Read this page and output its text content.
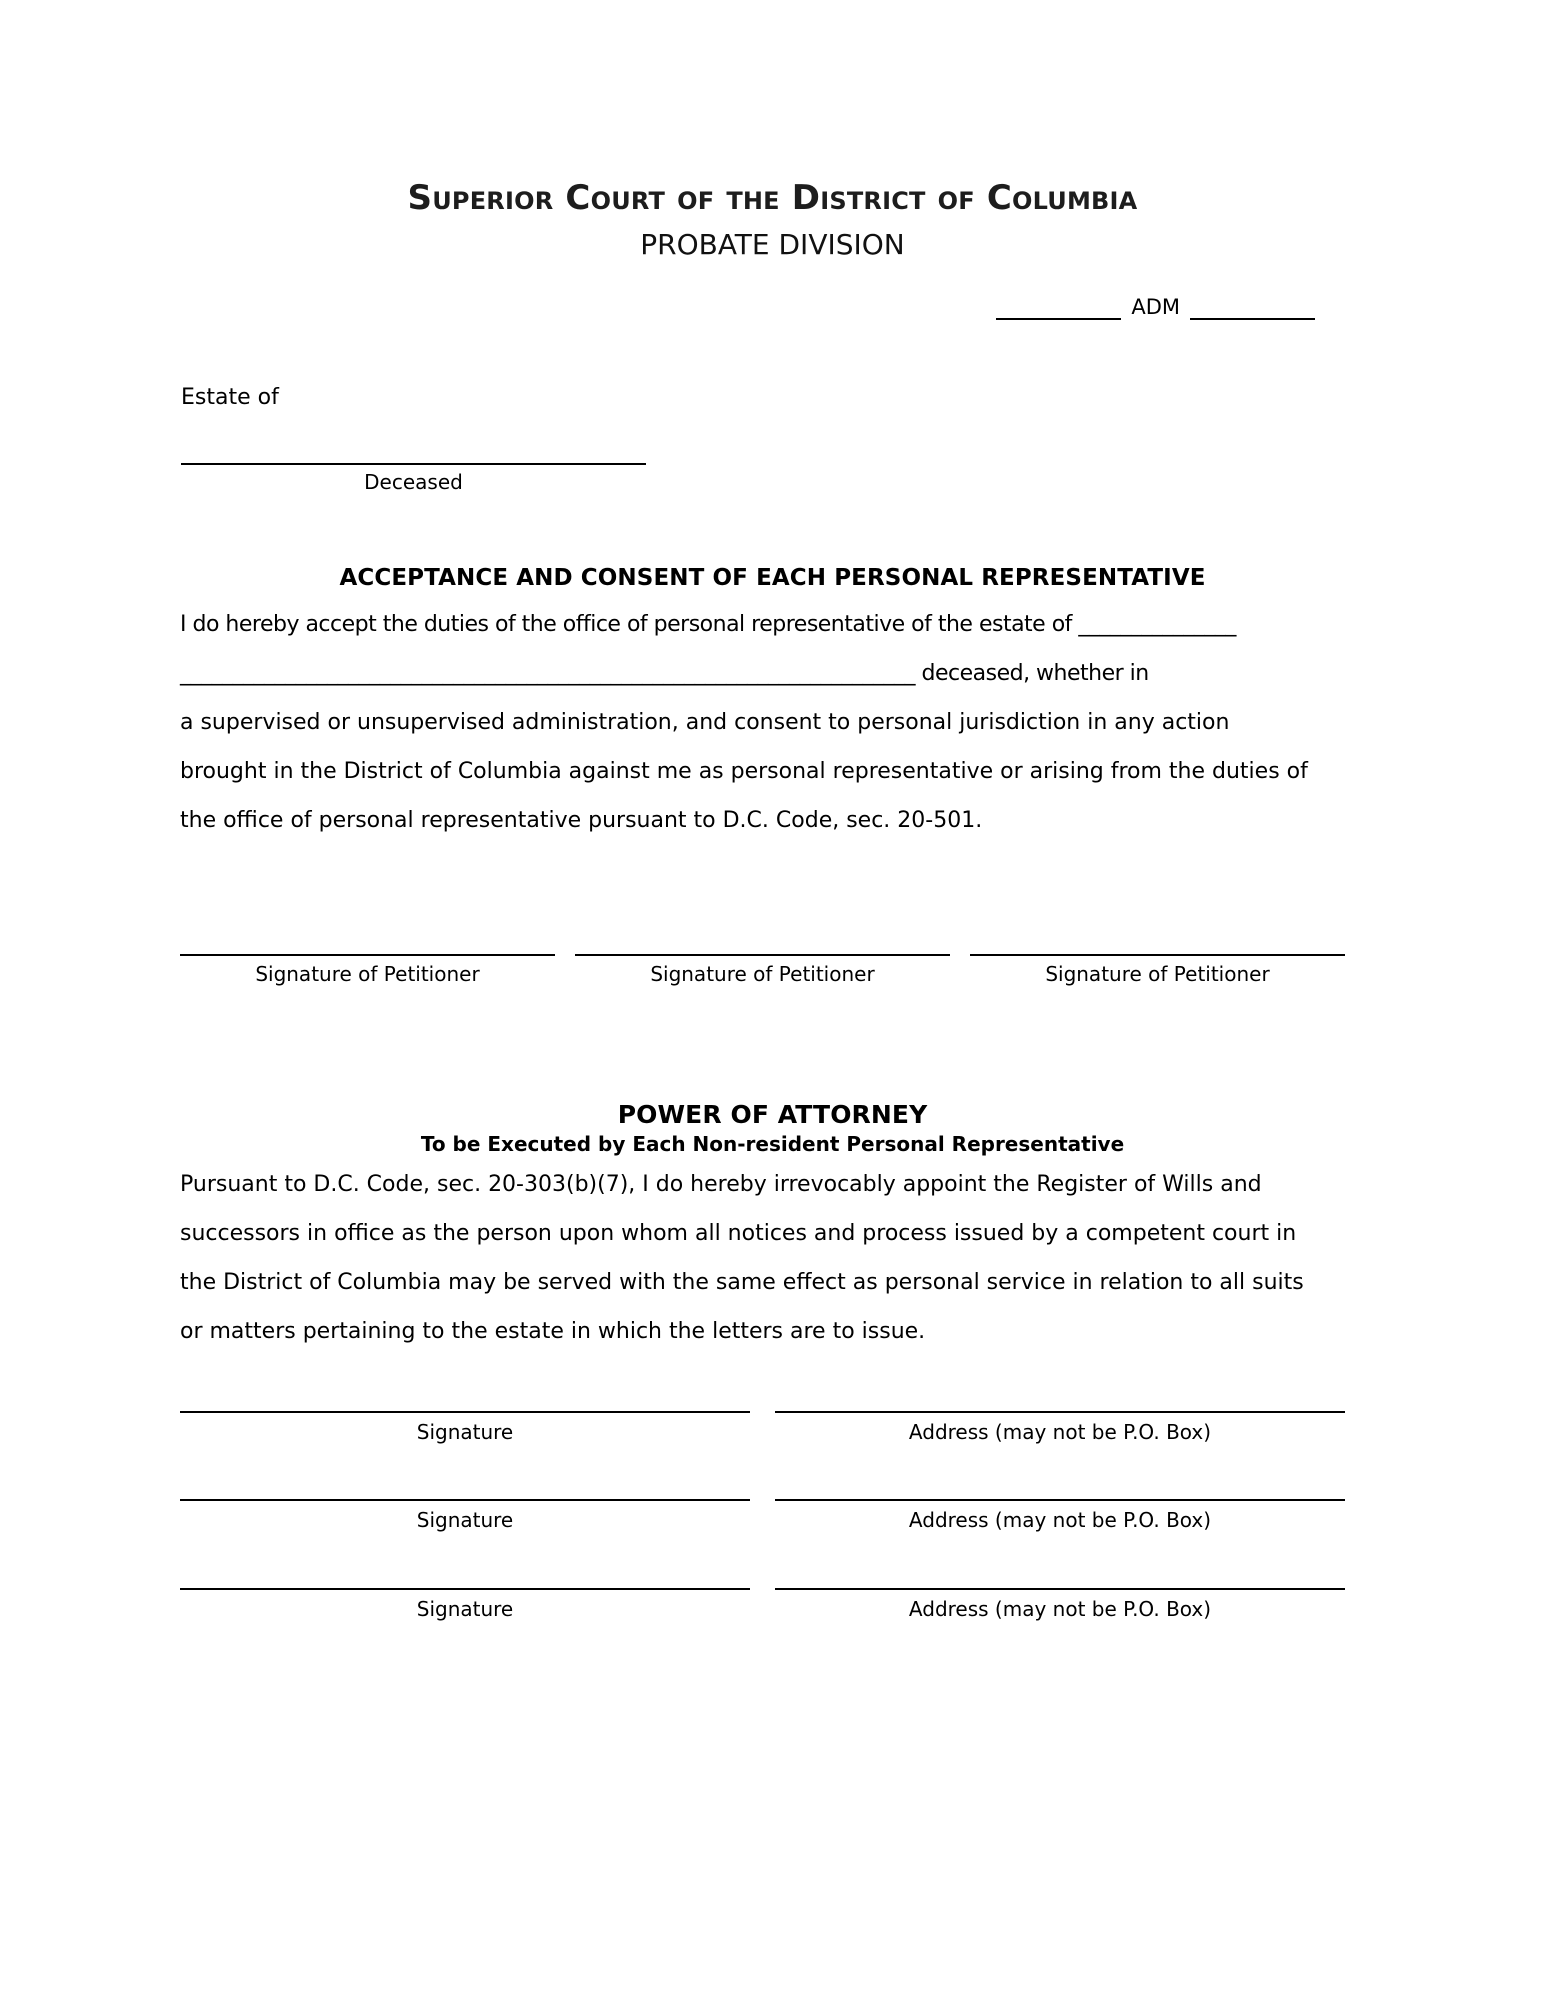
Superior Court of the District of Columbia
PROBATE DIVISION
ADM
Estate of
Deceased
ACCEPTANCE AND CONSENT OF EACH PERSONAL REPRESENTATIVE

I do hereby accept the duties of the office of personal representative of the estate of _______________

______________________________________________________________________ deceased, whether in

a supervised or unsupervised administration, and consent to personal jurisdiction in any action

brought in the District of Columbia against me as personal representative or arising from the duties of

the office of personal representative pursuant to D.C. Code, sec. 20-501.

Signature of Petitioner	Signature of Petitioner	Signature of Petitioner
POWER OF ATTORNEY
To be Executed by Each Non-resident Personal Representative

Pursuant to D.C. Code, sec. 20-303(b)(7), I do hereby irrevocably appoint the Register of Wills and

successors in office as the person upon whom all notices and process issued by a competent court in

the District of Columbia may be served with the same effect as personal service in relation to all suits

or matters pertaining to the estate in which the letters are to issue.

Signature	Address (may not be P.O. Box)
Signature	Address (may not be P.O. Box)
Signature	Address (may not be P.O. Box)
